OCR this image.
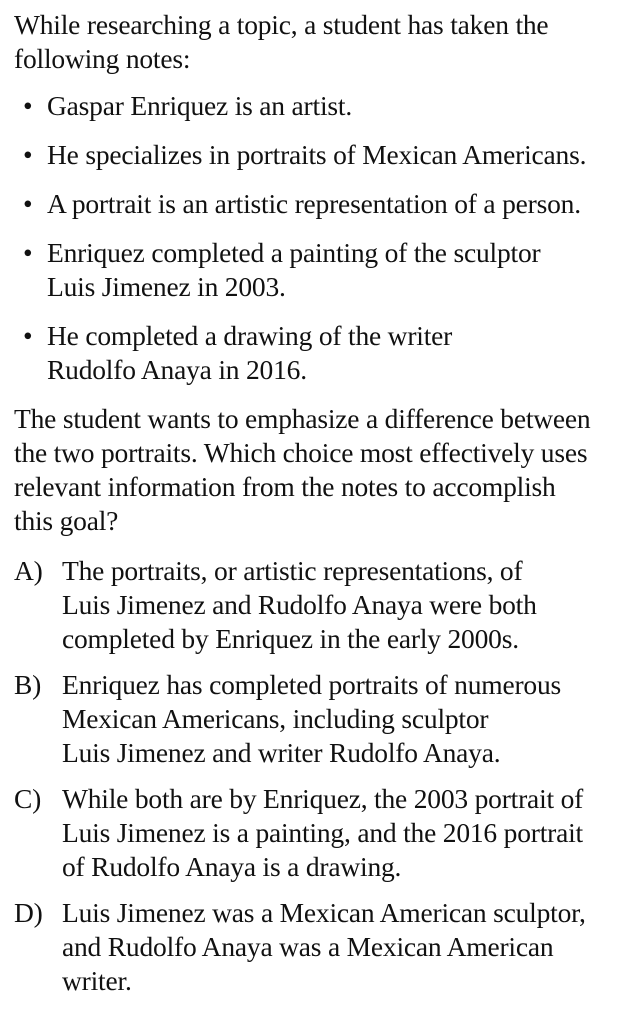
While researching a topic, a student has taken the
following notes:

• Gaspar Enriquez is an artist.
• He specializes in portraits of Mexican Americans.
• A portrait is an artistic representation of a person.
• Enriquez completed a painting of the sculptor
Luis Jimenez in 2003.
• He completed a drawing of the writer
Rudolfo Anaya in 2016.

The student wants to emphasize a difference between
the two portraits. Which choice most effectively uses
relevant information from the notes to accomplish
this goal?

A) The portraits, or artistic representations, of
Luis Jimenez and Rudolfo Anaya were both
completed by Enriquez in the early 2000s.
B) Enriquez has completed portraits of numerous
Mexican Americans, including sculptor
Luis Jimenez and writer Rudolfo Anaya.
C) While both are by Enriquez, the 2003 portrait of
Luis Jimenez is a painting, and the 2016 portrait
of Rudolfo Anaya is a drawing.
D) Luis Jimenez was a Mexican American sculptor,
and Rudolfo Anaya was a Mexican American
writer.
